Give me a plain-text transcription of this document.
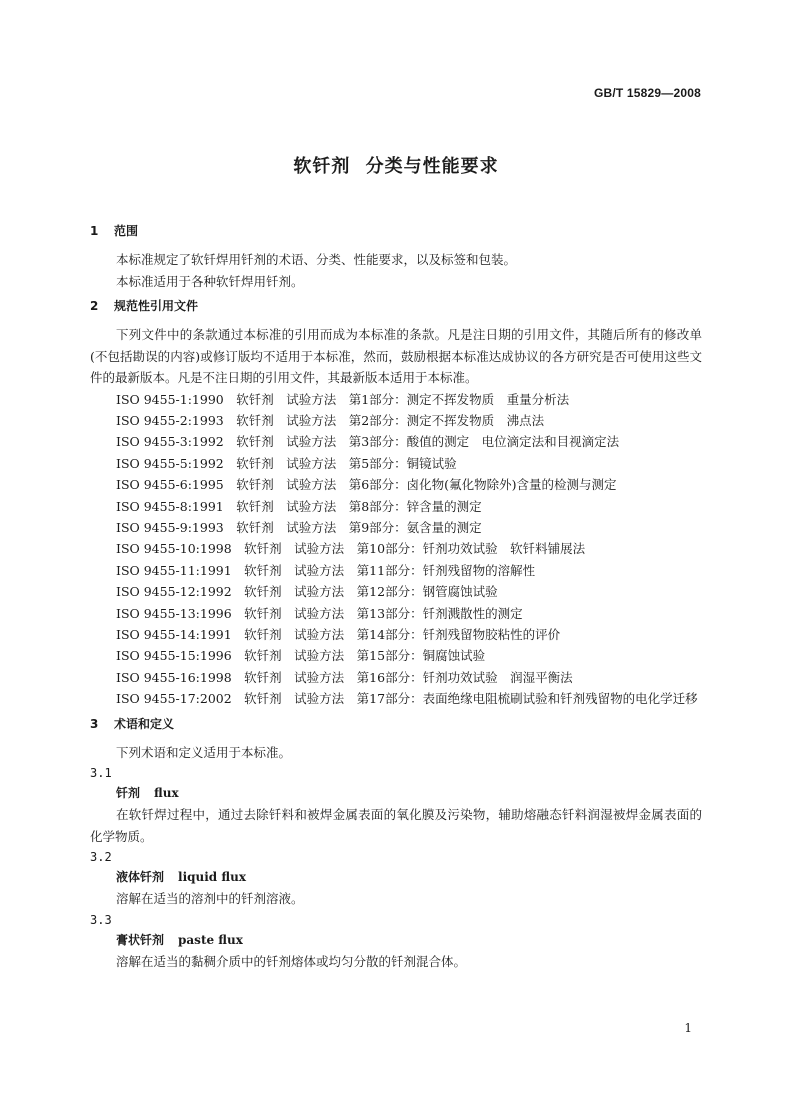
GB/T 15829—2008
软钎剂 分类与性能要求
1 范围

本标准规定了软钎焊用钎剂的术语、分类、性能要求，以及标签和包装。

本标准适用于各种软钎焊用钎剂。

2 规范性引用文件

下列文件中的条款通过本标准的引用而成为本标准的条款。凡是注日期的引用文件，其随后所有的修改单(不包括勘误的内容)或修订版均不适用于本标准，然而，鼓励根据本标准达成协议的各方研究是否可使用这些文件的最新版本。凡是不注日期的引用文件，其最新版本适用于本标准。

ISO 9455-1:1990　软钎剂　试验方法　第1部分：测定不挥发物质　重量分析法

ISO 9455-2:1993　软钎剂　试验方法　第2部分：测定不挥发物质　沸点法

ISO 9455-3:1992　软钎剂　试验方法　第3部分：酸值的测定　电位滴定法和目视滴定法

ISO 9455-5:1992　软钎剂　试验方法　第5部分：铜镜试验

ISO 9455-6:1995　软钎剂　试验方法　第6部分：卤化物(氟化物除外)含量的检测与测定

ISO 9455-8:1991　软钎剂　试验方法　第8部分：锌含量的测定

ISO 9455-9:1993　软钎剂　试验方法　第9部分：氨含量的测定

ISO 9455-10:1998　软钎剂　试验方法　第10部分：钎剂功效试验　软钎料铺展法

ISO 9455-11:1991　软钎剂　试验方法　第11部分：钎剂残留物的溶解性

ISO 9455-12:1992　软钎剂　试验方法　第12部分：钢管腐蚀试验

ISO 9455-13:1996　软钎剂　试验方法　第13部分：钎剂溅散性的测定

ISO 9455-14:1991　软钎剂　试验方法　第14部分：钎剂残留物胶粘性的评价

ISO 9455-15:1996　软钎剂　试验方法　第15部分：铜腐蚀试验

ISO 9455-16:1998　软钎剂　试验方法　第16部分：钎剂功效试验　润湿平衡法

ISO 9455-17:2002　软钎剂　试验方法　第17部分：表面绝缘电阻梳刷试验和钎剂残留物的电化学迁移

3 术语和定义

下列术语和定义适用于本标准。

3.1

钎剂 flux

在软钎焊过程中，通过去除钎料和被焊金属表面的氧化膜及污染物，辅助熔融态钎料润湿被焊金属表面的化学物质。

3.2

液体钎剂 liquid flux

溶解在适当的溶剂中的钎剂溶液。

3.3

膏状钎剂 paste flux

溶解在适当的黏稠介质中的钎剂熔体或均匀分散的钎剂混合体。

1
